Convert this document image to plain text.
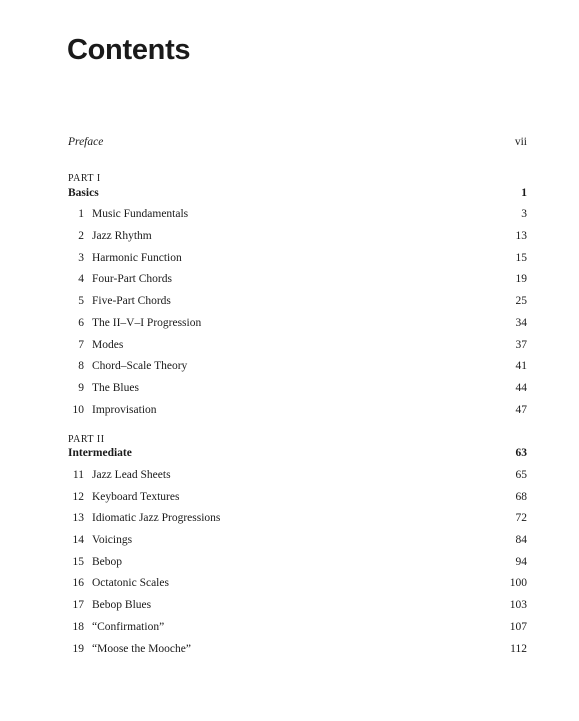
Contents
Preface	vii
PART I
Basics	1
1 Music Fundamentals	3
2 Jazz Rhythm	13
3 Harmonic Function	15
4 Four-Part Chords	19
5 Five-Part Chords	25
6 The II–V–I Progression	34
7 Modes	37
8 Chord–Scale Theory	41
9 The Blues	44
10 Improvisation	47
PART II
Intermediate	63
11 Jazz Lead Sheets	65
12 Keyboard Textures	68
13 Idiomatic Jazz Progressions	72
14 Voicings	84
15 Bebop	94
16 Octatonic Scales	100
17 Bebop Blues	103
18 “Confirmation”	107
19 “Moose the Mooche”	112
